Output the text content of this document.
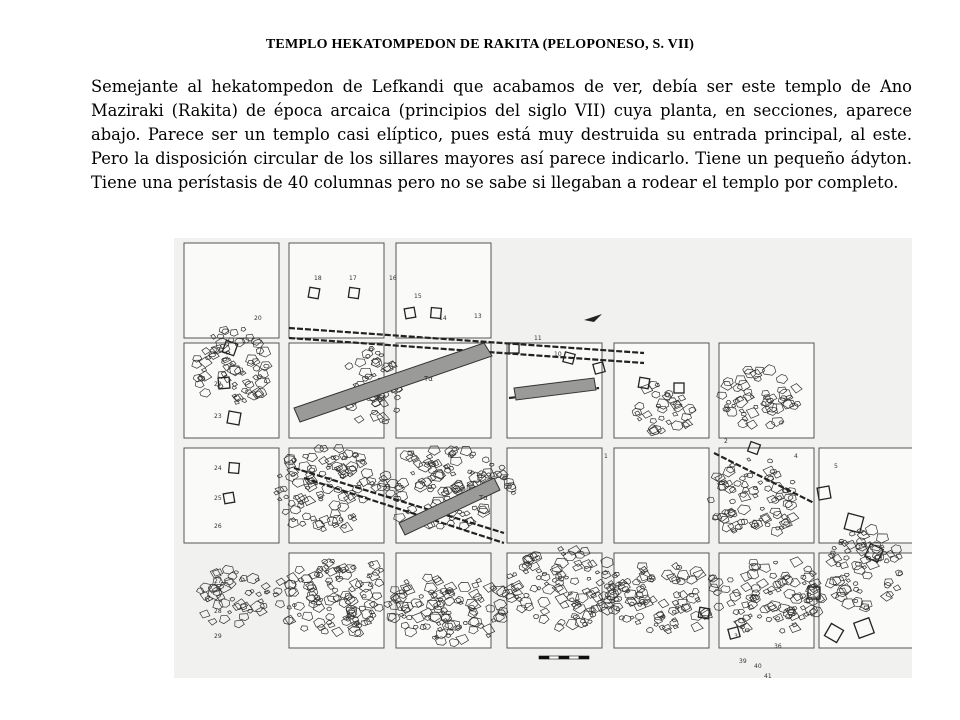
TEMPLO HEKATOMPEDON DE RAKITA (PELOPONESO, S. VII)

Semejante al hekatompedon de Lefkandi que acabamos de ver, debía ser este templo de Ano Maziraki (Rakita) de época arcaica (principios del siglo VII) cuya planta, en secciones, aparece abajo. Parece ser un templo casi elíptico, pues está muy destruida su entrada principal, al este. Pero la disposición circular de los sillares mayores así parece indicarlo. Tiene un pequeño ádyton. Tiene una perístasis de 40 columnas pero no se sabe si llegaban a rodear el templo por completo.

20
18	17	16
15
14	13
11
10
21
22
23
24
25
26
27
28
29
1
2
3
4
5
36
39
40
41
Τα
Τα
